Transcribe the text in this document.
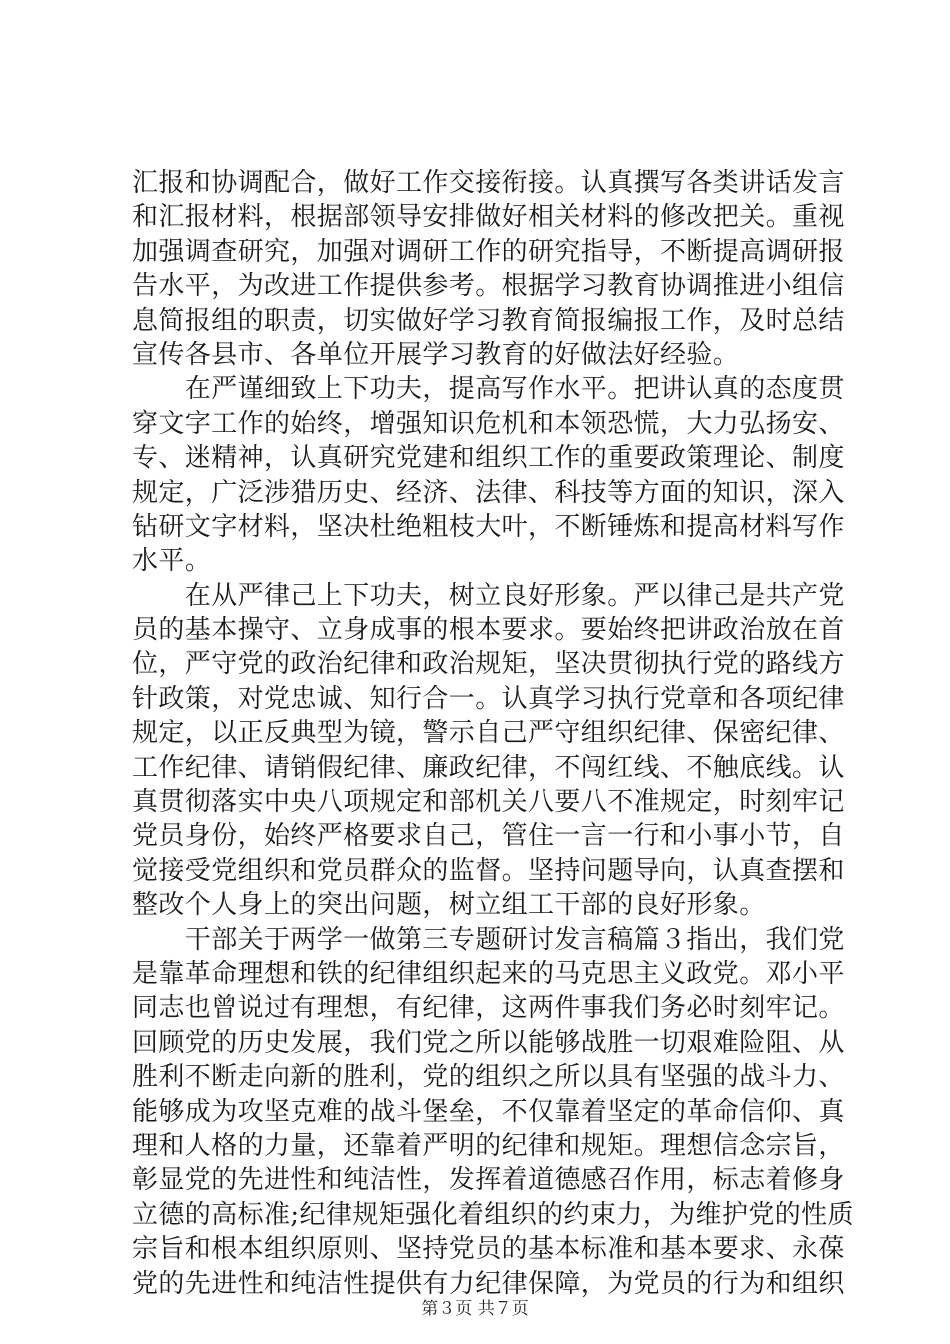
汇报和协调配合，做好工作交接衔接。认真撰写各类讲话发言
和汇报材料，根据部领导安排做好相关材料的修改把关。重视
加强调查研究，加强对调研工作的研究指导，不断提高调研报
告水平，为改进工作提供参考。根据学习教育协调推进小组信
息简报组的职责，切实做好学习教育简报编报工作，及时总结
宣传各县市、各单位开展学习教育的好做法好经验。
　　在严谨细致上下功夫，提高写作水平。把讲认真的态度贯
穿文字工作的始终，增强知识危机和本领恐慌，大力弘扬安、
专、迷精神，认真研究党建和组织工作的重要政策理论、制度
规定，广泛涉猎历史、经济、法律、科技等方面的知识，深入
钻研文字材料，坚决杜绝粗枝大叶，不断锤炼和提高材料写作
水平。
　　在从严律己上下功夫，树立良好形象。严以律己是共产党
员的基本操守、立身成事的根本要求。要始终把讲政治放在首
位，严守党的政治纪律和政治规矩，坚决贯彻执行党的路线方
针政策，对党忠诚、知行合一。认真学习执行党章和各项纪律
规定，以正反典型为镜，警示自己严守组织纪律、保密纪律、
工作纪律、请销假纪律、廉政纪律，不闯红线、不触底线。认
真贯彻落实中央八项规定和部机关八要八不准规定，时刻牢记
党员身份，始终严格要求自己，管住一言一行和小事小节，自
觉接受党组织和党员群众的监督。坚持问题导向，认真查摆和
整改个人身上的突出问题，树立组工干部的良好形象。
　　干部关于两学一做第三专题研讨发言稿篇３指出，我们党
是靠革命理想和铁的纪律组织起来的马克思主义政党。邓小平
同志也曾说过有理想，有纪律，这两件事我们务必时刻牢记。
回顾党的历史发展，我们党之所以能够战胜一切艰难险阻、从
胜利不断走向新的胜利，党的组织之所以具有坚强的战斗力、
能够成为攻坚克难的战斗堡垒，不仅靠着坚定的革命信仰、真
理和人格的力量，还靠着严明的纪律和规矩。理想信念宗旨，
彰显党的先进性和纯洁性，发挥着道德感召作用，标志着修身
立德的高标准;纪律规矩强化着组织的约束力，为维护党的性质
宗旨和根本组织原则、坚持党员的基本标准和基本要求、永葆
党的先进性和纯洁性提供有力纪律保障，为党员的行为和组织
第３页 共７页
